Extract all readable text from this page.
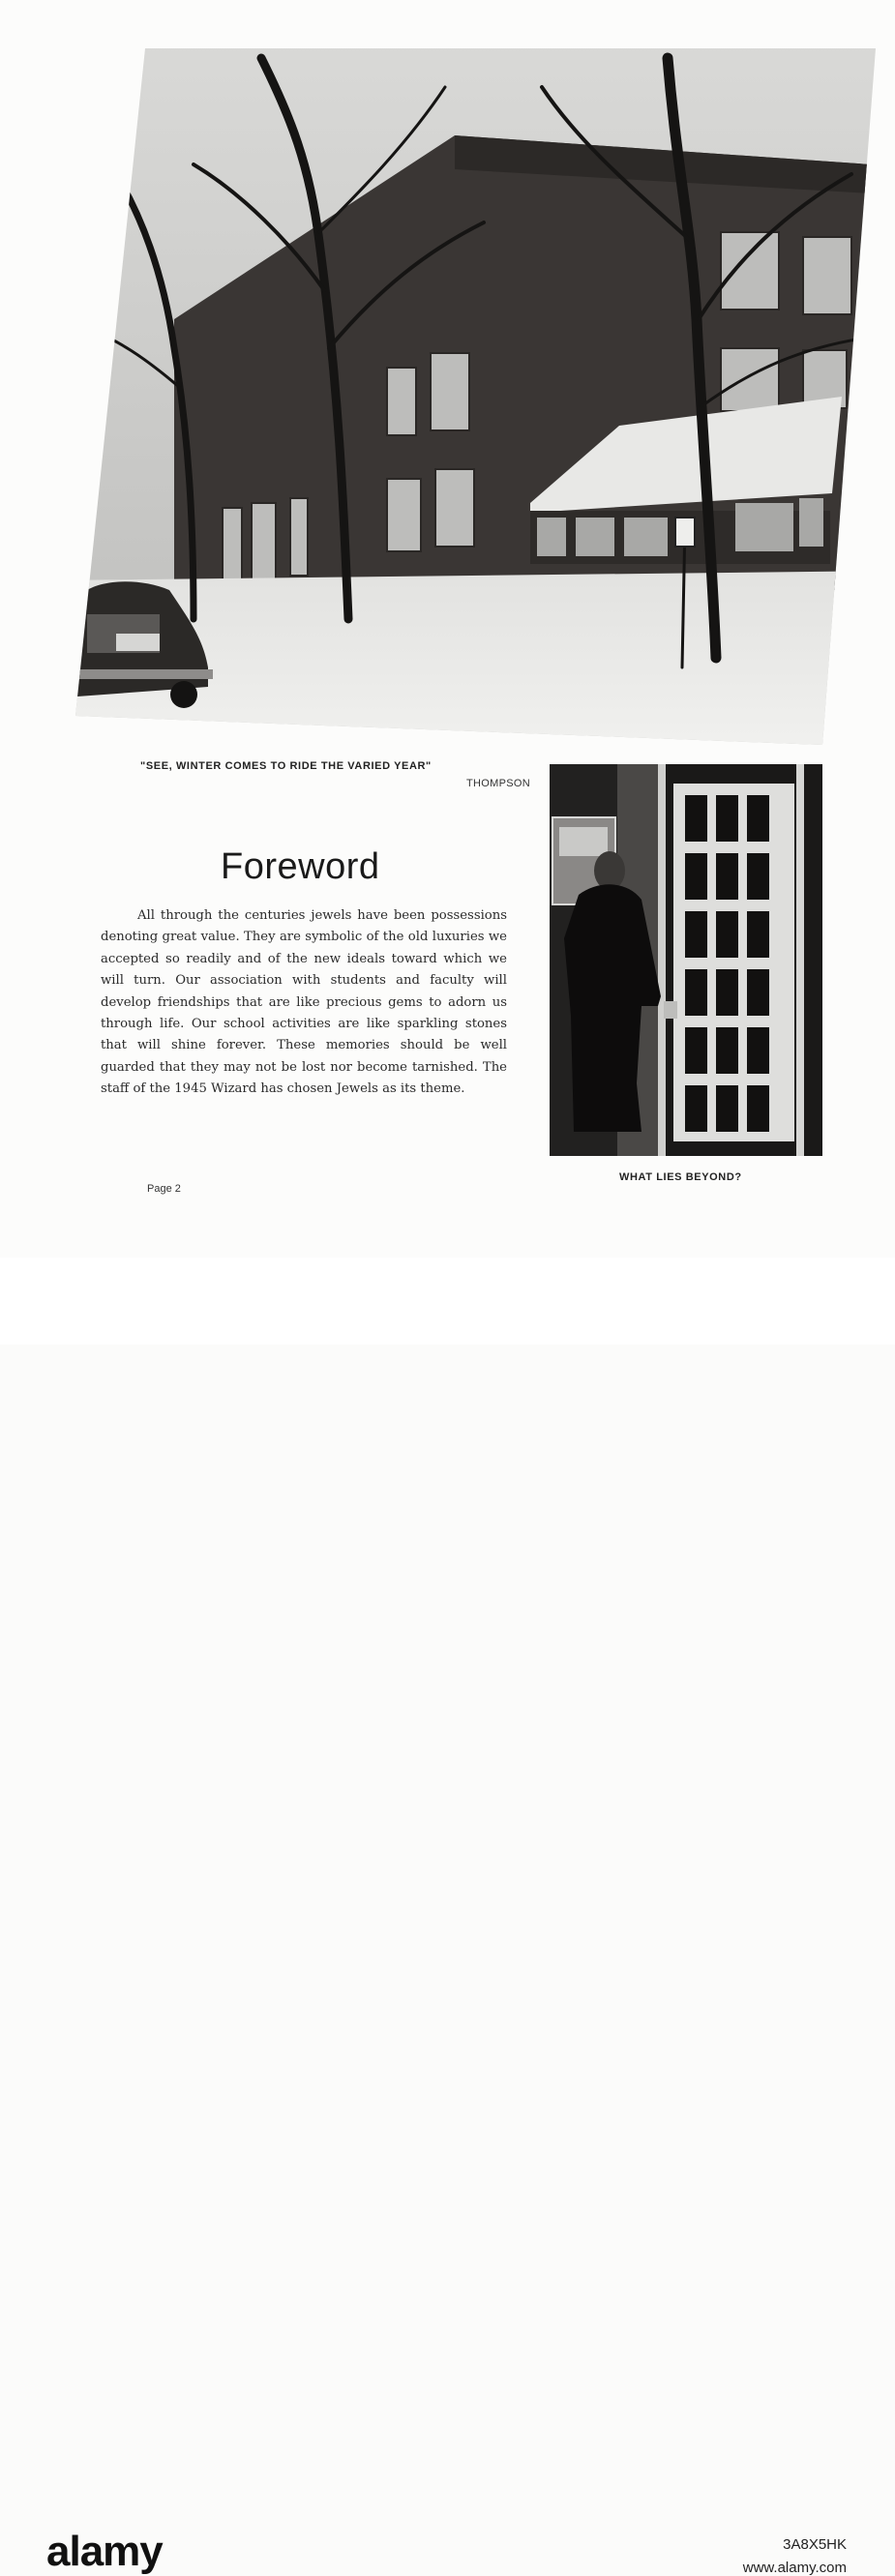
"SEE, WINTER COMES TO RIDE THE VARIED YEAR"
THOMPSON
Foreword
All through the centuries jewels have been possessions denoting great value. They are symbolic of the old luxuries we accepted so readily and of the new ideals toward which we will turn. Our association with students and faculty will develop friendships that are like precious gems to adorn us through life. Our school activities are like sparkling stones that will shine forever. These memories should be well guarded that they may not be lost nor become tarnished. The staff of the 1945 Wizard has chosen Jewels as its theme.
WHAT LIES BEYOND?
Page 2
alamy	3A8X5HK
www.alamy.com
